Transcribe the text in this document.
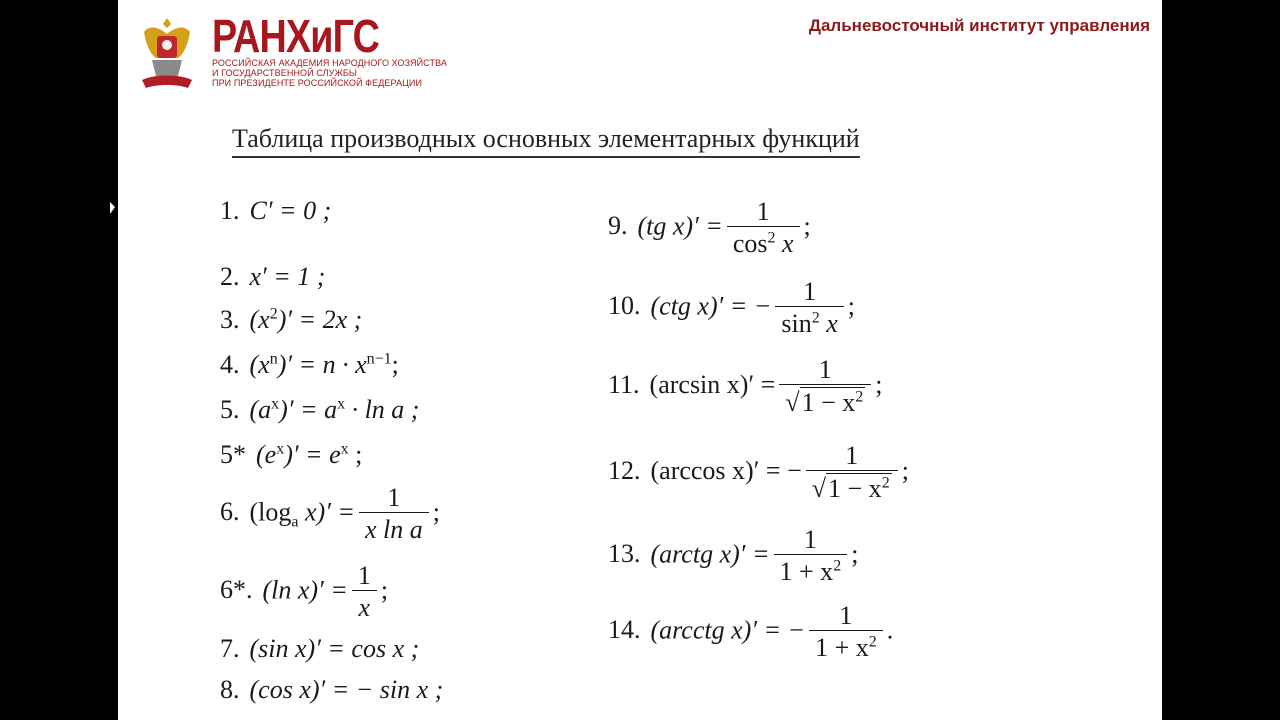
РАНХиГС
РОССИЙСКАЯ АКАДЕМИЯ НАРОДНОГО ХОЗЯЙСТВА
И ГОСУДАРСТВЕННОЙ СЛУЖБЫ
ПРИ ПРЕЗИДЕНТЕ РОССИЙСКОЙ ФЕДЕРАЦИИ
Дальневосточный институт управления
Таблица производных основных элементарных функций
1. C′ = 0 ;
2. x′ = 1 ;
3. $(x^2)' = 2x$ ;
4. $(x^n)' = n \cdot x^{n-1}$;
5. $(a^x)' = a^x \cdot \ln a$ ;
5* $(e^x)' = e^x$ ;
6. ($\log_a$ $x)' = \frac{1}{\text{x ln a}}$ ;
6*. (ln $x)' = \frac{1}{x}$ ;
7. (sin x)′ = cos x ;
8. (cos x)′ = − sin x ;
9. (tg $x)' = \frac{1}{\cos^2 x}$ ;
10. (ctg x)′ = − $\frac{1}{\sin^2 x}$ ;
11. (arcsin $x)' = \frac{1}{√1 - x^2}$ ;
12. (arccos x)′ = − $\frac{1}{√1 - x^2}$ ;
13. (arctg $x)' = \frac{1}{1 + x^2}$ ;
14. (arcctg x)′ = − $\frac{1}{1 + x^2}$ .
